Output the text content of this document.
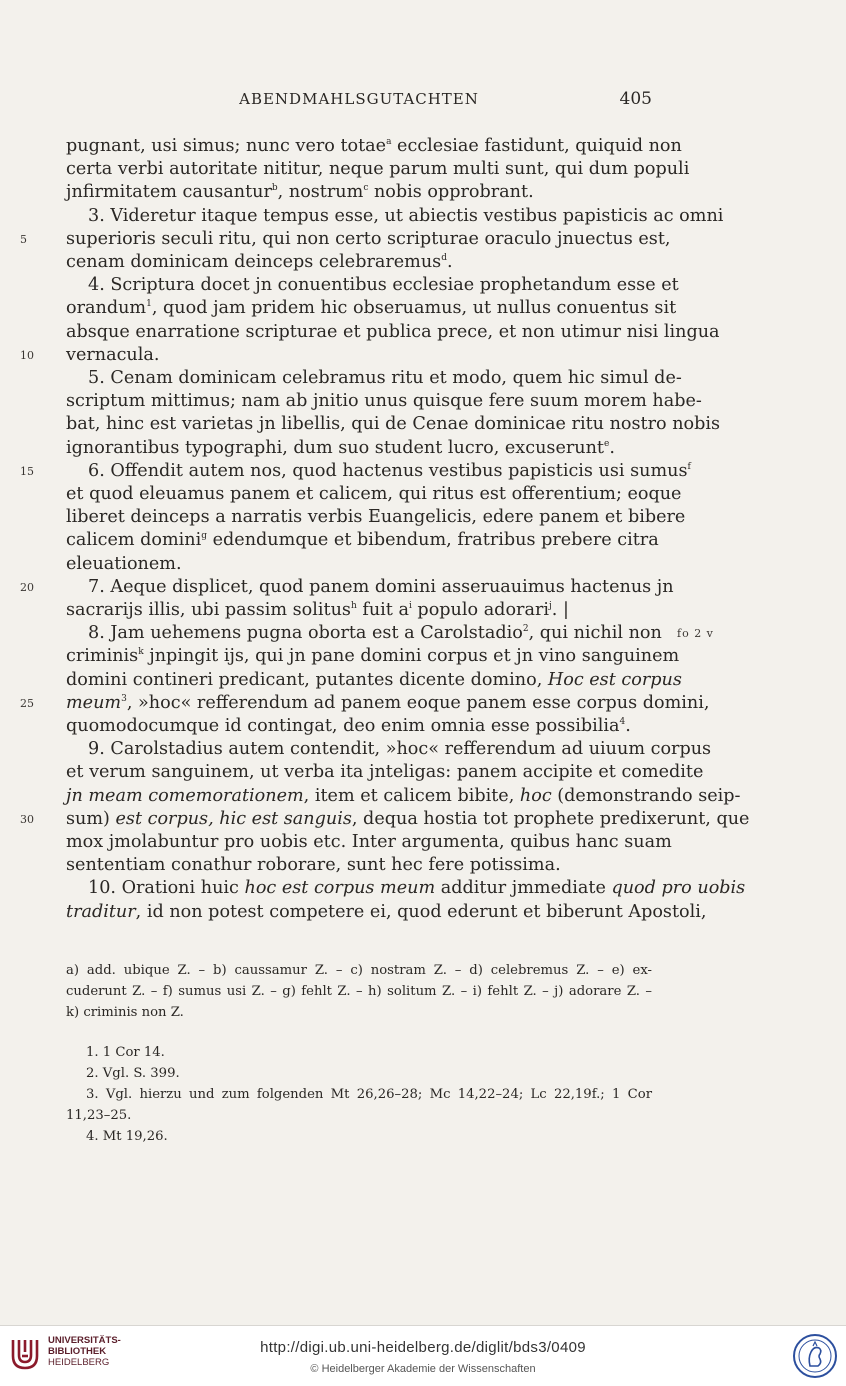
ABENDMAHLSGUTACHTEN	405
pugnant, usi simus; nunc vero totae$^a$ ecclesiae fastidunt, quiquid non
certa verbi autoritate nititur, neque parum multi sunt, qui dum populi
jnfirmitatem causantur$^b$, nostrum$^c$ nobis opprobrant.
3. Videretur itaque tempus esse, ut abiectis vestibus papisticis ac omni
superioris seculi ritu, qui non certo scripturae oraculo jnuectus est,
5
cenam dominicam deinceps celebraremus$^d$.
4. Scriptura docet jn conuentibus ecclesiae prophetandum esse et
orandum$^1$, quod jam pridem hic obseruamus, ut nullus conuentus sit
absque enarratione scripturae et publica prece, et non utimur nisi lingua
vernacula.
10
5. Cenam dominicam celebramus ritu et modo, quem hic simul de-
scriptum mittimus; nam ab jnitio unus quisque fere suum morem habe-
bat, hinc est varietas jn libellis, qui de Cenae dominicae ritu nostro nobis
ignorantibus typographi, dum suo student lucro, excuserunt$^e$.
6. Offendit autem nos, quod hactenus vestibus papisticis usi sumus$^f$
15
et quod eleuamus panem et calicem, qui ritus est offerentium; eoque
liberet deinceps a narratis verbis Euangelicis, edere panem et bibere
calicem domini$^g$ edendumque et bibendum, fratribus prebere citra
eleuationem.
7. Aeque displicet, quod panem domini asseruauimus hactenus jn
20
sacrarijs illis, ubi passim solitus$^h$ fuit $a^i$ populo adorari$^j$. |
8. Jam uehemens pugna oborta est a Carolstadio$^2$, qui nichil non fo 2 v
criminis$^k$ jnpingit ijs, qui jn pane domini corpus et jn vino sanguinem
domini contineri predicant, putantes dicente domino, Hoc est corpus
meum$^3$, »hoc« refferendum ad panem eoque panem esse corpus domini,
25
quomodocumque id contingat, deo enim omnia esse possibilia$^4$.
9. Carolstadius autem contendit, »hoc« refferendum ad uiuum corpus
et verum sanguinem, ut verba ita jnteligas: panem accipite et comedite
jn meam comemorationem, item et calicem bibite, hoc (demonstrando seip-
sum) est corpus, hic est sanguis, dequa hostia tot prophete predixerunt, que
30
mox jmolabuntur pro uobis etc. Inter argumenta, quibus hanc suam
sententiam conathur roborare, sunt hec fere potissima.
10. Orationi huic hoc est corpus meum additur jmmediate quod pro uobis
traditur, id non potest competere ei, quod ederunt et biberunt Apostoli,
a) add. ubique Z. – b) caussamur Z. – c) nostram Z. – d) celebremus Z. – e) ex-
cuderunt Z. – f) sumus usi Z. – g) fehlt Z. – h) solitum Z. – i) fehlt Z. – j) adorare Z. –
k) criminis non Z.
1. 1 Cor 14.
2. Vgl. S. 399.
3. Vgl. hierzu und zum folgenden Mt 26,26–28; Mc 14,22–24; Lc 22,19f.; 1 Cor
11,23–25.
4. Mt 19,26.
UNIVERSITÄTS-
BIBLIOTHEK
HEIDELBERG
http://digi.ub.uni-heidelberg.de/diglit/bds3/0409
© Heidelberger Akademie der Wissenschaften
